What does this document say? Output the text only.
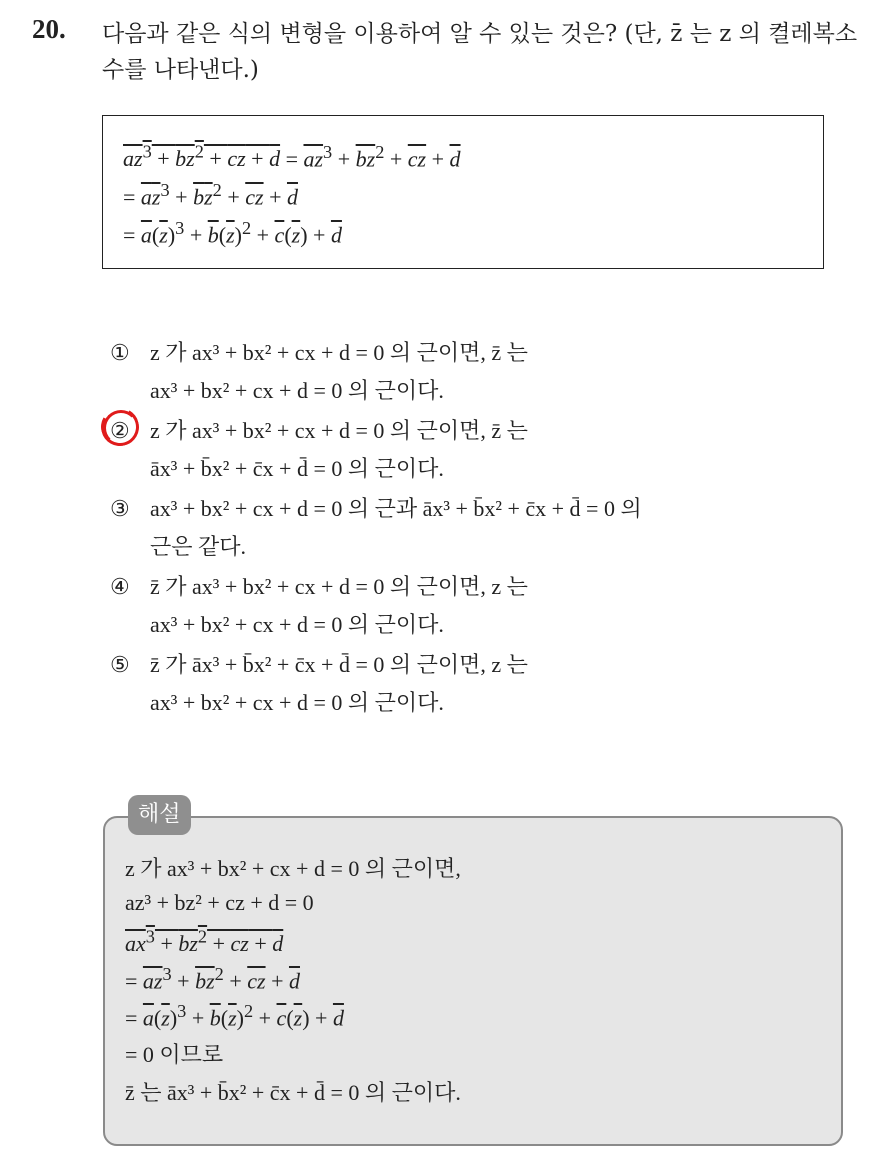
20. 다음과 같은 식의 변형을 이용하여 알 수 있는 것은? (단, z̄ 는 z 의 켤레복소수를 나타낸다.)
$az^3 + bz^2$ + cz + $d = \overline{az}^3 + \overline{bz}^2 + \overline{cz} + \overline{d}$
= $\overline{a}\overline{z}^3 + \overline{b}\overline{z}^2 + \overline{c}\overline{z} + \overline{d}$
= $\overline{a}(\overline{z})^3 + \overline{b}(\overline{z})^2 + \overline{c}(\overline{z}) + \overline{d}$
① z 가 ax³ + bx² + cx + d = 0 의 근이면, z̄ 는
ax³ + bx² + cx + d = 0 의 근이다.
② z 가 ax³ + bx² + cx + d = 0 의 근이면, z̄ 는
āx³ + b̄x² + c̄x + d̄ = 0 의 근이다.
③ ax³ + bx² + cx + d = 0 의 근과 āx³ + b̄x² + c̄x + d̄ = 0 의
근은 같다.
④ z̄ 가 ax³ + bx² + cx + d = 0 의 근이면, z 는
ax³ + bx² + cx + d = 0 의 근이다.
⑤ z̄ 가 āx³ + b̄x² + c̄x + d̄ = 0 의 근이면, z 는
ax³ + bx² + cx + d = 0 의 근이다.
z 가 ax³ + bx² + cx + d = 0 의 근이면,
az³ + bz² + cz + d = 0
$ax^3 + bz^2$ + cz + d
= $\overline{az}^3 + \overline{bz}^2 + \overline{cz} + \overline{d}$
= $\overline{a}(\overline{z})^3 + \overline{b}(\overline{z})^2 + \overline{c}(\overline{z}) + \overline{d}$
= 0 이므로
z̄ 는 āx³ + b̄x² + c̄x + d̄ = 0 의 근이다.
해설
